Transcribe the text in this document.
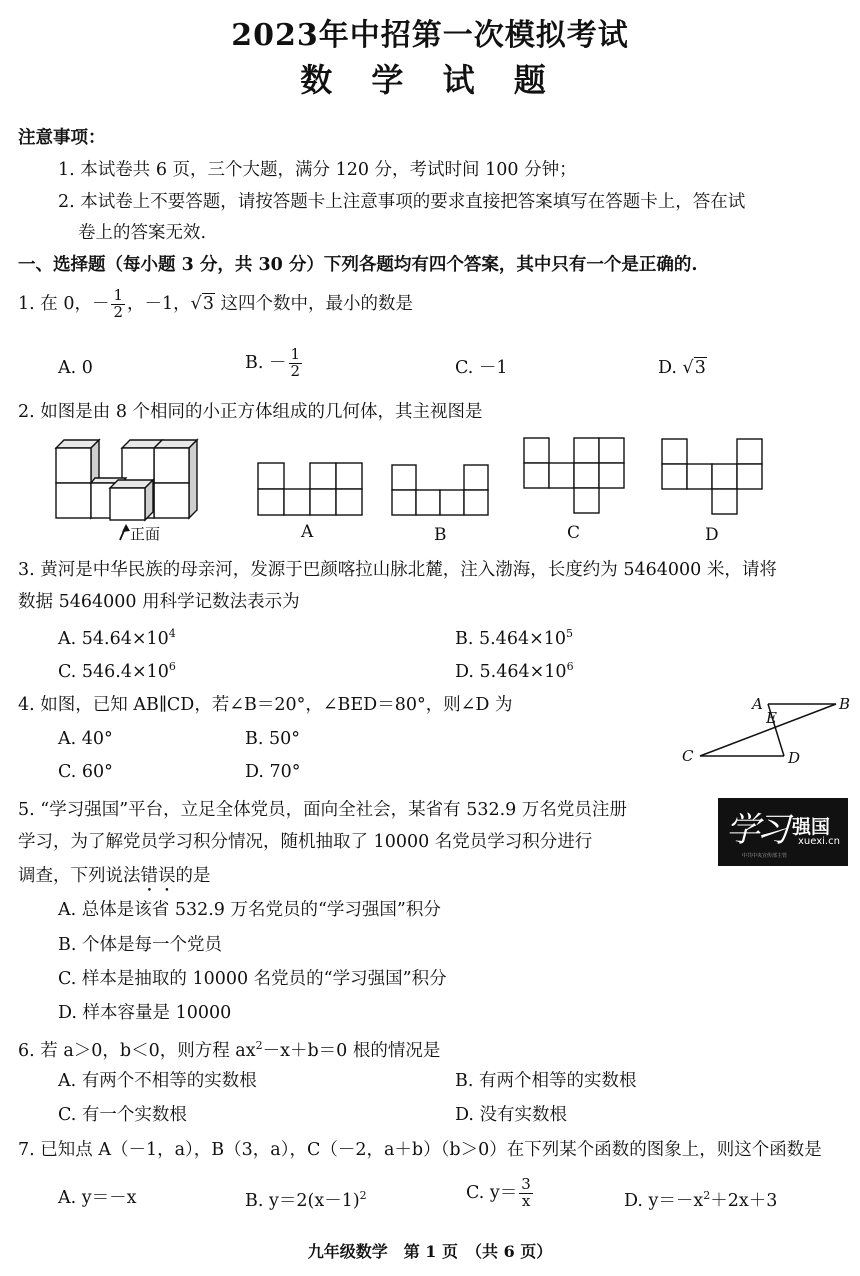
2023年中招第一次模拟考试
数 学 试 题
注意事项：
1. 本试卷共 6 页，三个大题，满分 120 分，考试时间 100 分钟；
2. 本试卷上不要答题，请按答题卡上注意事项的要求直接把答案填写在答题卡上，答在试
卷上的答案无效.
一、选择题（每小题 3 分，共 30 分）下列各题均有四个答案，其中只有一个是正确的.
1. 在 0，－ $\frac{1}{2}$ ，－1，√3 这四个数中，最小的数是
A. 0	B. － $\frac{1}{2}$	C. －1	D. √3
2. 如图是由 8 个相同的小正方体组成的几何体，其主视图是
正面	A	B	C	D
3. 黄河是中华民族的母亲河，发源于巴颜喀拉山脉北麓，注入渤海，长度约为 5464000 米，请将
数据 5464000 用科学记数法表示为
A. $54.64\times 10^4$	B. $5.464\times 10^5$
C. $546.4\times 10^6$	D. $5.464\times 10^6$
4. 如图，已知 AB∥CD，若∠B＝20°，∠BED＝80°，则∠D 为
A. 40°	B. 50°
C. 60°	D. 70°
A	B
E
C	D
5. “学习强国”平台，立足全体党员，面向全社会，某省有 532.9 万名党员注册
学习，为了解党员学习积分情况，随机抽取了 10000 名党员学习积分进行
调查，下列说法错误的是
A. 总体是该省 532.9 万名党员的“学习强国”积分
B. 个体是每一个党员
C. 样本是抽取的 10000 名党员的“学习强国”积分
D. 样本容量是 10000
学习 强国
xuexi.cn
中共中央宣传部主管
6. 若 a＞0，b＜0，则方程 $ax^2-x+b=0$ 根的情况是
A. 有两个不相等的实数根	B. 有两个相等的实数根
C. 有一个实数根	D. 没有实数根
7. 已知点 A（－1，a），B（3，a），C（－2，a＋b）（b＞0）在下列某个函数的图象上，则这个函数是
A. y＝－x	B. $y=2(x-1)^2$	C. $y= \frac{3}{x}$	D. $y=-x^2+2x+3$
九年级数学　第 1 页　（共 6 页）
